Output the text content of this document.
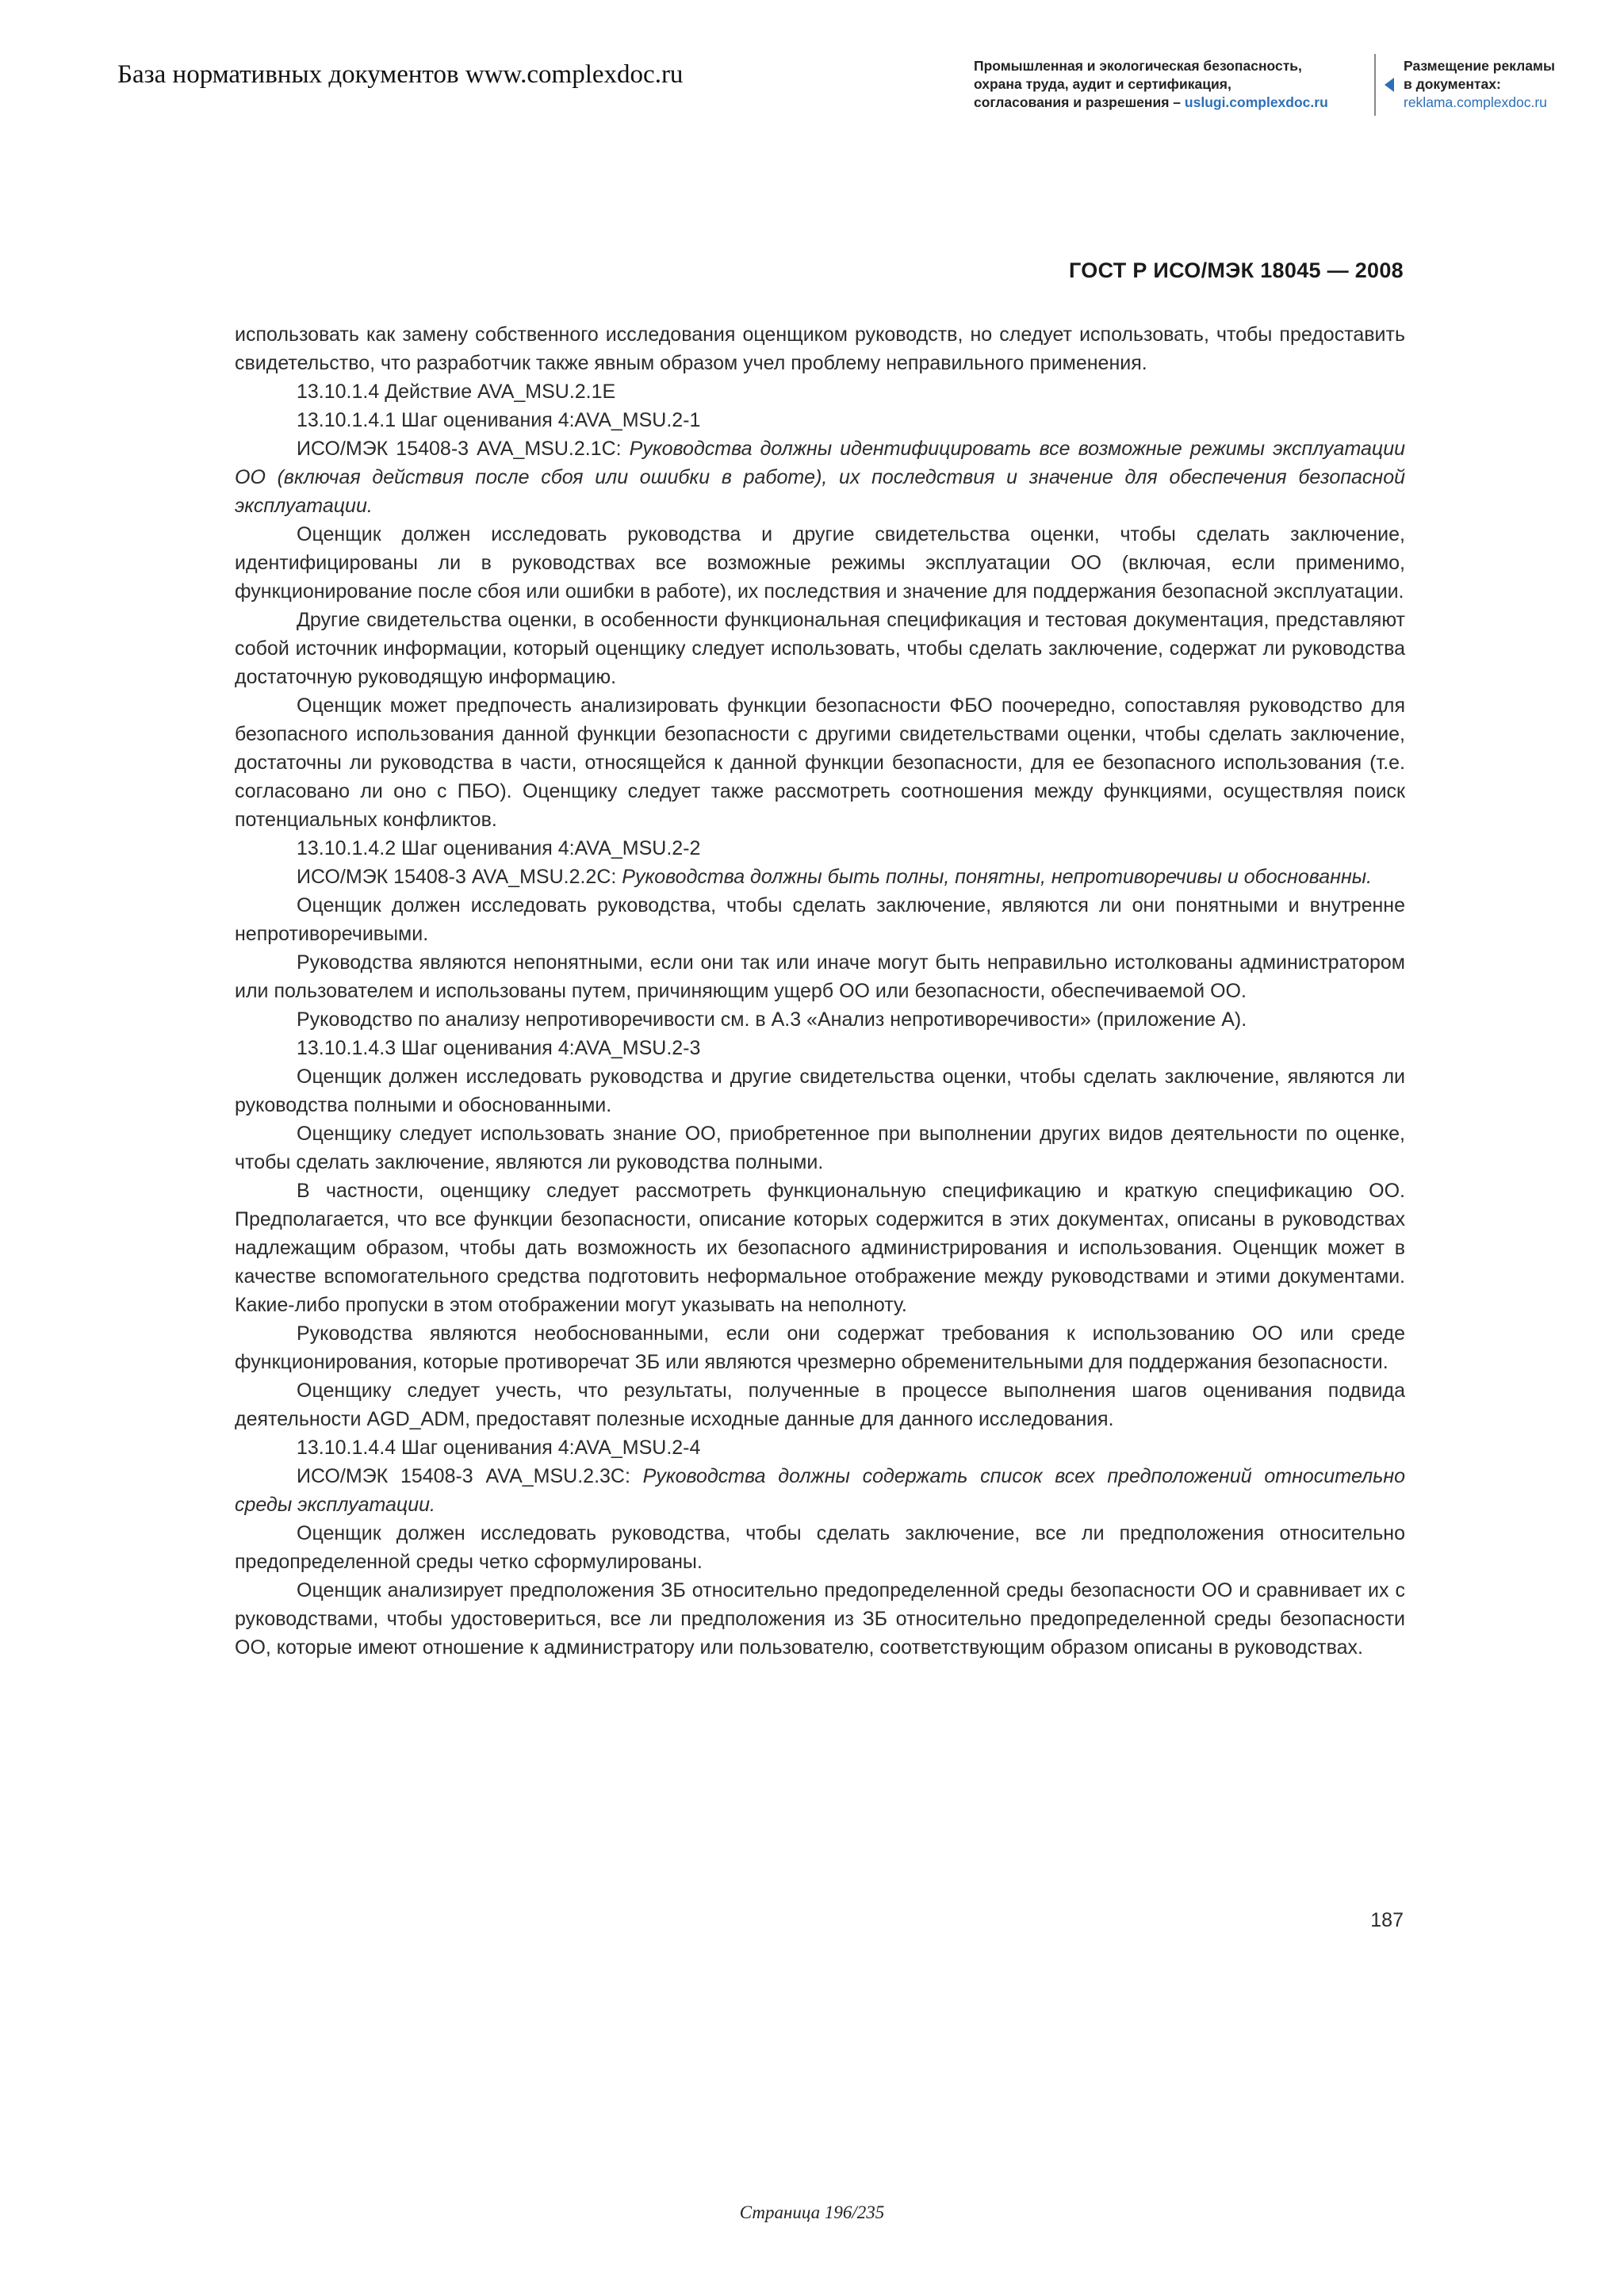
База нормативных документов www.complexdoc.ru	Промышленная и экологическая безопасность,
охрана труда, аудит и сертификация,
согласования и разрешения – uslugi.complexdoc.ru
Размещение рекламы
в документах:
reklama.complexdoc.ru
ГОСТ Р ИСО/МЭК 18045 — 2008

использовать как замену собственного исследования оценщиком руководств, но следует использовать, чтобы предоставить свидетельство, что разработчик также явным образом учел проблему неправильного применения.

13.10.1.4 Действие AVA_MSU.2.1E

13.10.1.4.1 Шаг оценивания 4:AVA_MSU.2-1

ИСО/МЭК 15408-3 AVA_MSU.2.1C: Руководства должны идентифицировать все возможные режимы эксплуатации ОО (включая действия после сбоя или ошибки в работе), их последствия и значение для обеспечения безопасной эксплуатации.

Оценщик должен исследовать руководства и другие свидетельства оценки, чтобы сделать заключение, идентифицированы ли в руководствах все возможные режимы эксплуатации ОО (включая, если применимо, функционирование после сбоя или ошибки в работе), их последствия и значение для поддержания безопасной эксплуатации.

Другие свидетельства оценки, в особенности функциональная спецификация и тестовая документация, представляют собой источник информации, который оценщику следует использовать, чтобы сделать заключение, содержат ли руководства достаточную руководящую информацию.

Оценщик может предпочесть анализировать функции безопасности ФБО поочередно, сопоставляя руководство для безопасного использования данной функции безопасности с другими свидетельствами оценки, чтобы сделать заключение, достаточны ли руководства в части, относящейся к данной функции безопасности, для ее безопасного использования (т.е. согласовано ли оно с ПБО). Оценщику следует также рассмотреть соотношения между функциями, осуществляя поиск потенциальных конфликтов.

13.10.1.4.2 Шаг оценивания 4:AVA_MSU.2-2

ИСО/МЭК 15408-3 AVA_MSU.2.2C: Руководства должны быть полны, понятны, непротиворечивы и обоснованны.

Оценщик должен исследовать руководства, чтобы сделать заключение, являются ли они понятными и внутренне непротиворечивыми.

Руководства являются непонятными, если они так или иначе могут быть неправильно истолкованы администратором или пользователем и использованы путем, причиняющим ущерб ОО или безопасности, обеспечиваемой ОО.

Руководство по анализу непротиворечивости см. в А.3 «Анализ непротиворечивости» (приложение А).

13.10.1.4.3 Шаг оценивания 4:AVA_MSU.2-3

Оценщик должен исследовать руководства и другие свидетельства оценки, чтобы сделать заключение, являются ли руководства полными и обоснованными.

Оценщику следует использовать знание ОО, приобретенное при выполнении других видов деятельности по оценке, чтобы сделать заключение, являются ли руководства полными.

В частности, оценщику следует рассмотреть функциональную спецификацию и краткую спецификацию ОО. Предполагается, что все функции безопасности, описание которых содержится в этих документах, описаны в руководствах надлежащим образом, чтобы дать возможность их безопасного администрирования и использования. Оценщик может в качестве вспомогательного средства подготовить неформальное отображение между руководствами и этими документами. Какие-либо пропуски в этом отображении могут указывать на неполноту.

Руководства являются необоснованными, если они содержат требования к использованию ОО или среде функционирования, которые противоречат ЗБ или являются чрезмерно обременительными для поддержания безопасности.

Оценщику следует учесть, что результаты, полученные в процессе выполнения шагов оценивания подвида деятельности AGD_ADM, предоставят полезные исходные данные для данного исследования.

13.10.1.4.4 Шаг оценивания 4:AVA_MSU.2-4

ИСО/МЭК 15408-3 AVA_MSU.2.3C: Руководства должны содержать список всех предположений относительно среды эксплуатации.

Оценщик должен исследовать руководства, чтобы сделать заключение, все ли предположения относительно предопределенной среды четко сформулированы.

Оценщик анализирует предположения ЗБ относительно предопределенной среды безопасности ОО и сравнивает их с руководствами, чтобы удостовериться, все ли предположения из ЗБ относительно предопределенной среды безопасности ОО, которые имеют отношение к администратору или пользователю, соответствующим образом описаны в руководствах.

187
Страница 196/235
